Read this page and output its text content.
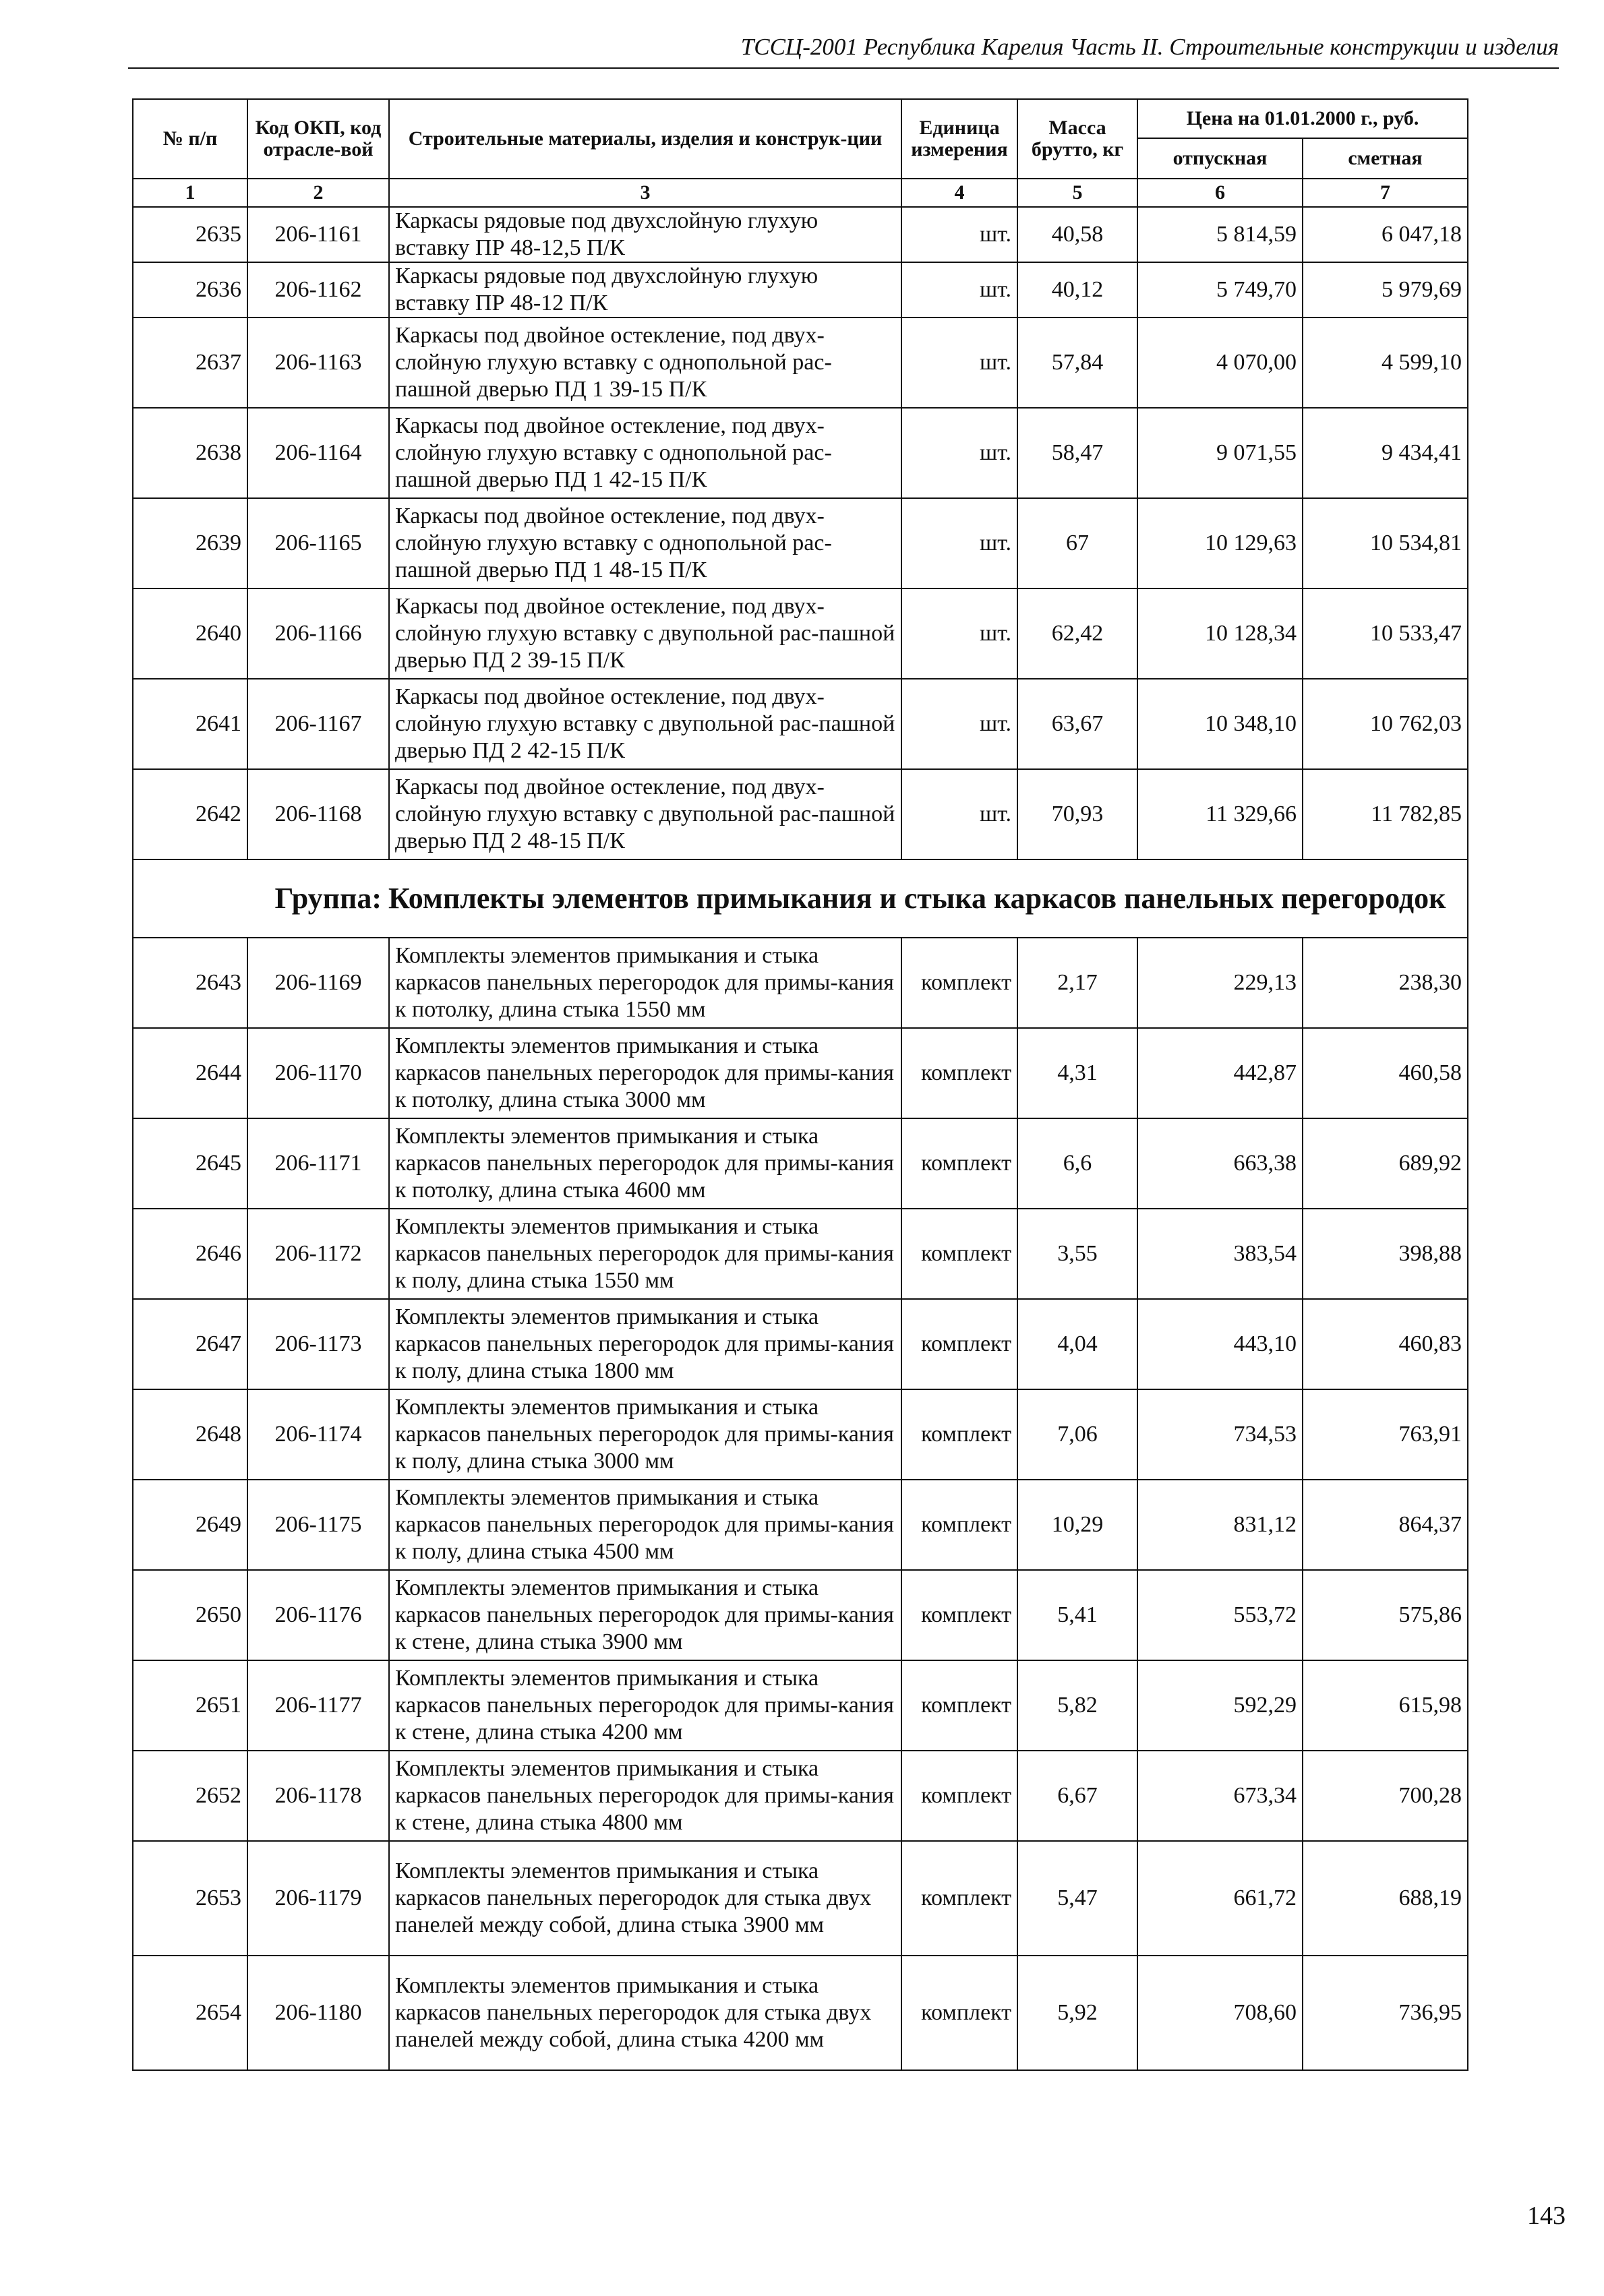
ТССЦ-2001 Республика Карелия Часть II. Строительные конструкции и изделия
№ п/п	Код ОКП, код отрасле-вой	Строительные материалы, изделия и конструк-ции	Единица измерения	Масса брутто, кг	Цена на 01.01.2000 г., руб.
отпускная	сметная
1	2	3	4	5	6	7
2635	206-1161	Каркасы рядовые под двухслойную глухую вставку ПР 48-12,5 П/К	шт.	40,58	5 814,59	6 047,18
2636	206-1162	Каркасы рядовые под двухслойную глухую вставку ПР 48-12 П/К	шт.	40,12	5 749,70	5 979,69
2637	206-1163	Каркасы под двойное остекление, под двух-слойную глухую вставку с однопольной рас-пашной дверью ПД 1 39-15 П/К	шт.	57,84	4 070,00	4 599,10
2638	206-1164	Каркасы под двойное остекление, под двух-слойную глухую вставку с однопольной рас-пашной дверью ПД 1 42-15 П/К	шт.	58,47	9 071,55	9 434,41
2639	206-1165	Каркасы под двойное остекление, под двух-слойную глухую вставку с однопольной рас-пашной дверью ПД 1 48-15 П/К	шт.	67	10 129,63	10 534,81
2640	206-1166	Каркасы под двойное остекление, под двух-слойную глухую вставку с двупольной рас-пашной дверью ПД 2 39-15 П/К	шт.	62,42	10 128,34	10 533,47
2641	206-1167	Каркасы под двойное остекление, под двух-слойную глухую вставку с двупольной рас-пашной дверью ПД 2 42-15 П/К	шт.	63,67	10 348,10	10 762,03
2642	206-1168	Каркасы под двойное остекление, под двух-слойную глухую вставку с двупольной рас-пашной дверью ПД 2 48-15 П/К	шт.	70,93	11 329,66	11 782,85

Группа:	Комплекты элементов примыкания и стыка каркасов панельных перегородок

2643	206-1169	Комплекты элементов примыкания и стыка каркасов панельных перегородок для примы-кания к потолку, длина стыка 1550 мм	комплект	2,17	229,13	238,30
2644	206-1170	Комплекты элементов примыкания и стыка каркасов панельных перегородок для примы-кания к потолку, длина стыка 3000 мм	комплект	4,31	442,87	460,58
2645	206-1171	Комплекты элементов примыкания и стыка каркасов панельных перегородок для примы-кания к потолку, длина стыка 4600 мм	комплект	6,6	663,38	689,92
2646	206-1172	Комплекты элементов примыкания и стыка каркасов панельных перегородок для примы-кания к полу, длина стыка 1550 мм	комплект	3,55	383,54	398,88
2647	206-1173	Комплекты элементов примыкания и стыка каркасов панельных перегородок для примы-кания к полу, длина стыка 1800 мм	комплект	4,04	443,10	460,83
2648	206-1174	Комплекты элементов примыкания и стыка каркасов панельных перегородок для примы-кания к полу, длина стыка 3000 мм	комплект	7,06	734,53	763,91
2649	206-1175	Комплекты элементов примыкания и стыка каркасов панельных перегородок для примы-кания к полу, длина стыка 4500 мм	комплект	10,29	831,12	864,37
2650	206-1176	Комплекты элементов примыкания и стыка каркасов панельных перегородок для примы-кания к стене, длина стыка 3900 мм	комплект	5,41	553,72	575,86
2651	206-1177	Комплекты элементов примыкания и стыка каркасов панельных перегородок для примы-кания к стене, длина стыка 4200 мм	комплект	5,82	592,29	615,98
2652	206-1178	Комплекты элементов примыкания и стыка каркасов панельных перегородок для примы-кания к стене, длина стыка 4800 мм	комплект	6,67	673,34	700,28
2653	206-1179	Комплекты элементов примыкания и стыка каркасов панельных перегородок для стыка двух панелей между собой, длина стыка 3900 мм	комплект	5,47	661,72	688,19
2654	206-1180	Комплекты элементов примыкания и стыка каркасов панельных перегородок для стыка двух панелей между собой, длина стыка 4200 мм	комплект	5,92	708,60	736,95
143
